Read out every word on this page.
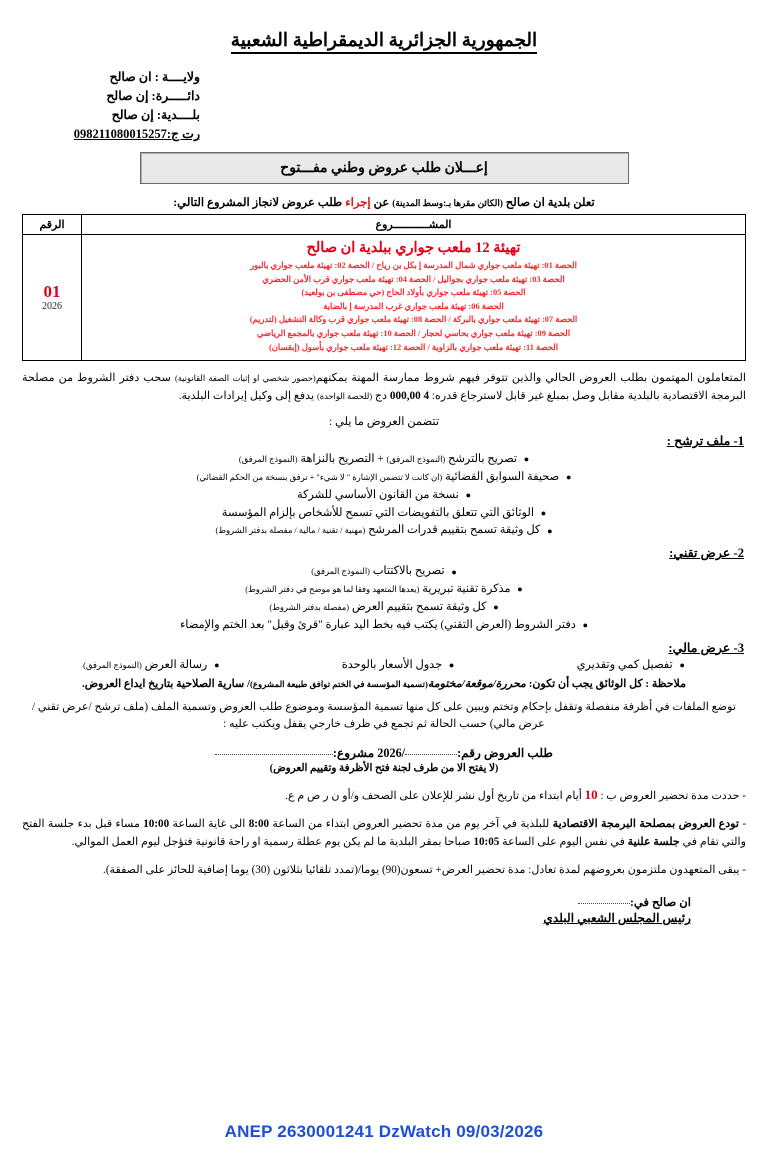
الجمهورية الجزائرية الديمقراطية الشعبية
ولايــــة : ان صالح
دائـــــرة: إن صالح
بلــــدية: إن صالح
رت ج:098211080015257
إعـــلان طلب عروض وطني مفـــتوح
تعلن بلدية ان صالح (الكائن مقرها بـ:وسط المدينة) عن إجراء طلب عروض لانجاز المشروع التالي:
المشـــــــــــروع	الرقم

تهيئة 12 ملعب جواري ببلدية ان صالح
الحصة 01: تهيئة ملعب جواري شمال المدرسة إ بكل بن رياح / الحصة 02: تهيئة ملعب جواري بالبور
الحصة 03: تهيئة ملعب جواري بجواليل / الحصة 04: تهيئة ملعب جواري قرب الأمن الحضري
الحصة 05: تهيئة ملعب جواري بأولاد الحاج (حي مصطفى بن بولعيد)
الحصة 06: تهيئة ملعب جواري غرب المدرسة إ بالضاية
الحصة 07: تهيئة ملعب جواري بالبركة / الحصة 08: تهيئة ملعب جواري قرب وكالة التشغيل (لتدريم)
الحصة 09: تهيئة ملعب جواري بحاسي لحجار / الحصة 10: تهيئة ملعب جواري بالمجمع الرياضي
الحصة 11: تهيئة ملعب جواري بالزاوية / الحصة 12: تهيئة ملعب جواري بأسول (إبقسان)

01
2026
المتعاملون المهتمون بطلب العروض الحالي والذين تتوفر فيهم شروط ممارسة المهنة يمكنهم(حضور شخصي او إثبات الصفة القانونية) سحب دفتر الشروط من مصلحة البرمجة الاقتصادية بالبلدية مقابل وصل بمبلغ غير قابل لاسترجاع قدره: 4 000,00 دج (للحصة الواحدة) يدفع إلى وكيل إيرادات البلدية.
تتضمن العروض ما يلي :
1- ملف ترشح :
● تصريح بالترشح (النموذج المرفق) + التصريح بالنزاهة (النموذج المرفق)
● صحيفة السوابق القضائية (ان كانت لا تتضمن الإشارة " لا شيء" + ترفق بنسخة من الحكم القضائي)
● نسخة من القانون الأساسي للشركة
● الوثائق التي تتعلق بالتفويضات التي تسمح للأشخاص بإلزام المؤسسة
● كل وثيقة تسمح بتقييم قدرات المرشح (مهنية / تقنية / مالية / مفصلة بدفتر الشروط)
2- عرض تقني:
● تصريح بالاكتتاب (النموذج المرفق)
● مذكرة تقنية تبريرية (يعدها المتعهد وفقا لما هو موضح في دفتر الشروط)
● كل وثيقة تسمح بتقييم العرض (مفصلة بدفتر الشروط)
● دفتر الشروط (العرض التقني) يكتب فيه بخط اليد عبارة "قرئ وقبل" بعد الختم والإمضاء
3- عرض مالي:
● تفصيل كمي وتقديري
● جدول الأسعار بالوحدة
● رسالة العرض (النموذج المرفق)
ملاحظة : كل الوثائق يجب أن تكون: محررة/موقعة/مختومة(تسمية المؤسسة في الختم توافق طبيعة المشروع)/ سارية الصلاحية بتاريخ ايداع العروض.
توضع الملفات في أظرفة منفصلة وتقفل بإحكام وتختم ويبين على كل منها تسمية المؤسسة وموضوع طلب العروض وتسمية الملف (ملف ترشح /عرض تقني /عرض مالي) حسب الحالة ثم تجمع في ظرف خارجي يقفل ويكتب عليه :
طلب العروض رقم:/2026 مشروع:
(لا يفتح الا من طرف لجنة فتح الأظرفة وتقييم العروض)
- حددت مدة تحضير العروض ب : 10 أيام ابتداء من تاريخ أول نشر للإعلان على الصحف و/أو ن ر ص م ع.
- تودع العروض بمصلحة البرمجة الاقتصادية للبلدية في آخر يوم من مدة تحضير العروض ابتداء من الساعة 8:00 الى غاية الساعة 10:00 مساء قبل بدء جلسة الفتح والتي تقام في جلسة علنية في نفس اليوم على الساعة 10:05 صباحا بمقر البلدية ما لم يكن يوم عطلة رسمية او راحة قانونية فتؤجل ليوم العمل الموالي.
- يبقى المتعهدون ملتزمون بعروضهم لمدة تعادل: مدة تحضير العرض+ تسعون(90) يوما/(تمدد تلقائيا بثلاثون (30) يوما إضافية للحائز على الصفقة).
ان صالح في:
رئيس المجلس الشعبي البلدي
ANEP 2630001241 DzWatch 09/03/2026
